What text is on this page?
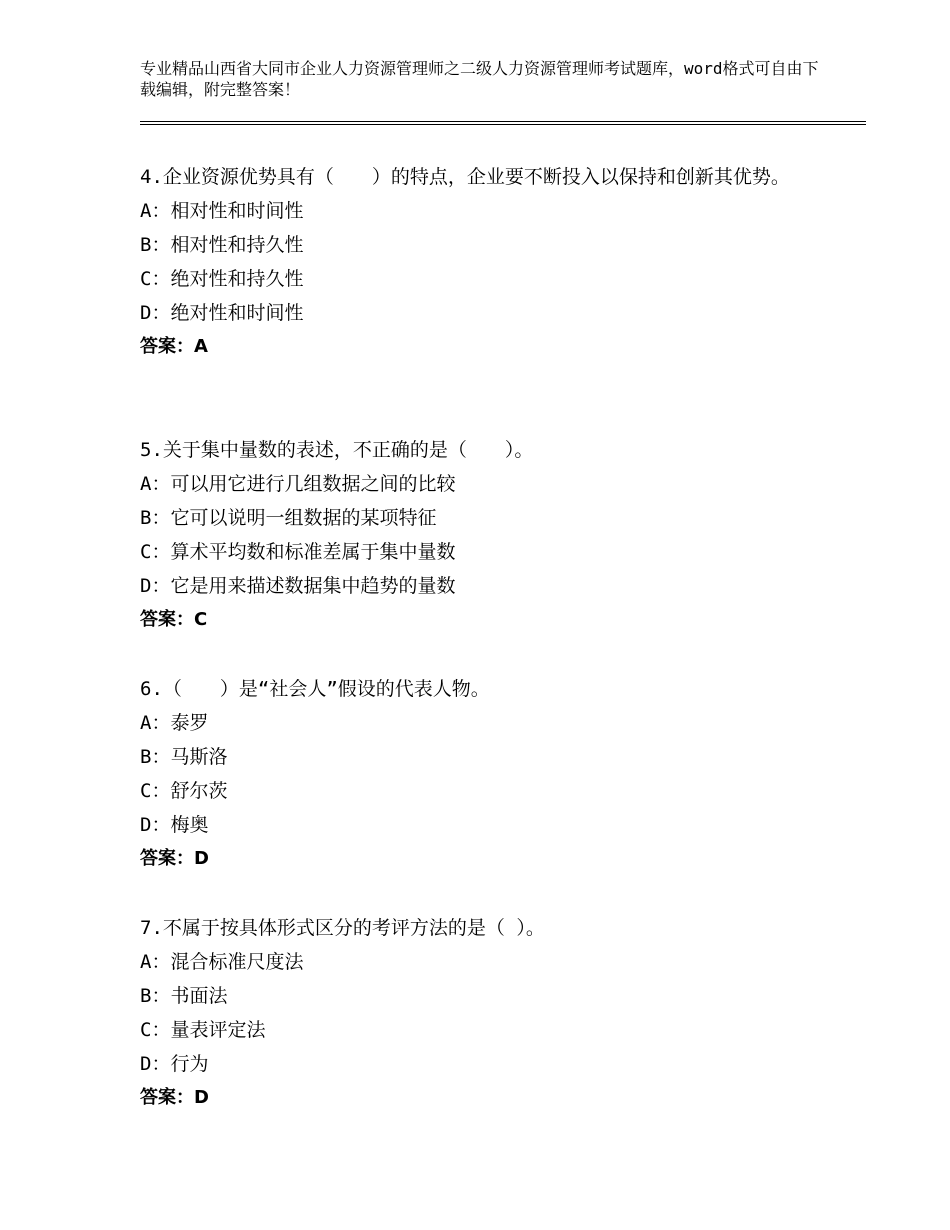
专业精品山西省大同市企业人力资源管理师之二级人力资源管理师考试题库，word格式可自由下载编辑，附完整答案！

4.企业资源优势具有（　　）的特点，企业要不断投入以保持和创新其优势。

A：相对性和时间性

B：相对性和持久性

C：绝对性和持久性

D：绝对性和时间性

答案：A

5.关于集中量数的表述，不正确的是（　　）。

A：可以用它进行几组数据之间的比较

B：它可以说明一组数据的某项特征

C：算术平均数和标准差属于集中量数

D：它是用来描述数据集中趋势的量数

答案：C

6.（　　）是“社会人”假设的代表人物。

A：泰罗

B：马斯洛

C：舒尔茨

D：梅奥

答案：D

7.不属于按具体形式区分的考评方法的是（ ）。

A：混合标准尺度法

B：书面法

C：量表评定法

D：行为

答案：D
